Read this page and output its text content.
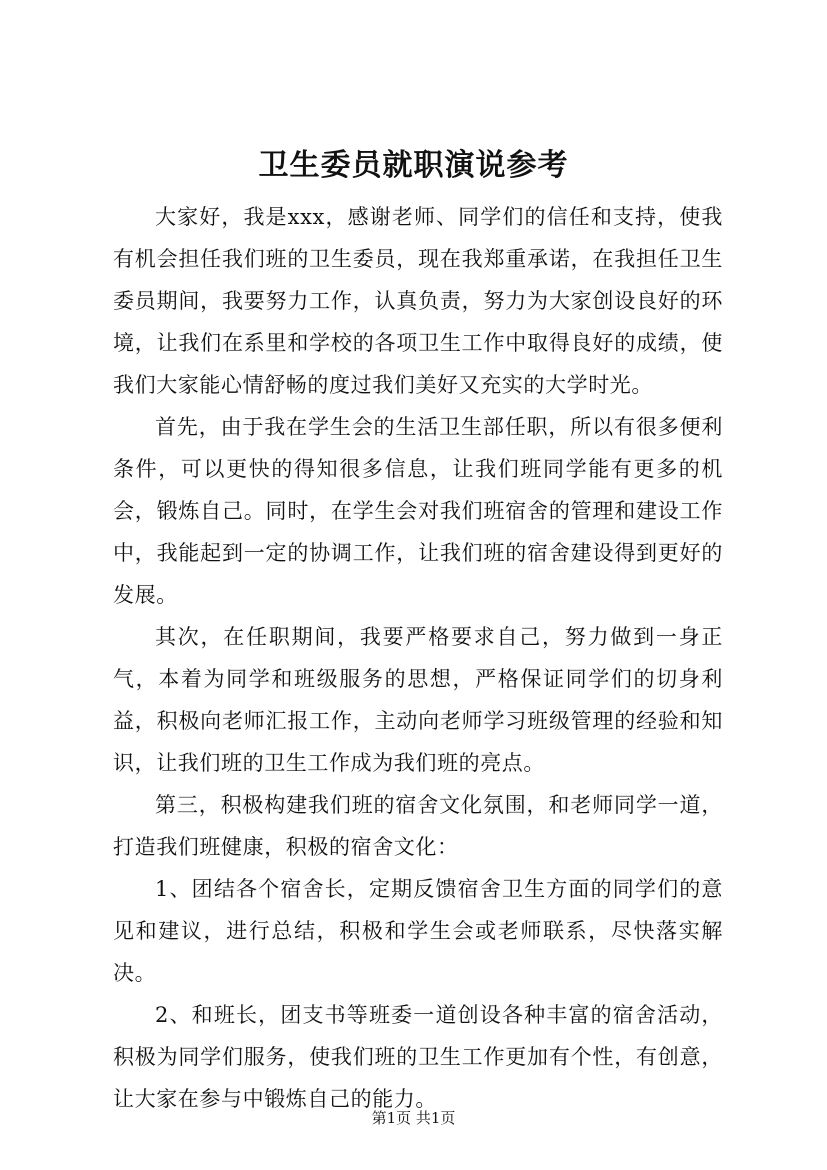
卫生委员就职演说参考

大家好，我是xxx，感谢老师、同学们的信任和支持，使我有机会担任我们班的卫生委员，现在我郑重承诺，在我担任卫生委员期间，我要努力工作，认真负责，努力为大家创设良好的环境，让我们在系里和学校的各项卫生工作中取得良好的成绩，使我们大家能心情舒畅的度过我们美好又充实的大学时光。

首先，由于我在学生会的生活卫生部任职，所以有很多便利条件，可以更快的得知很多信息，让我们班同学能有更多的机会，锻炼自己。同时，在学生会对我们班宿舍的管理和建设工作中，我能起到一定的协调工作，让我们班的宿舍建设得到更好的发展。

其次，在任职期间，我要严格要求自己，努力做到一身正气，本着为同学和班级服务的思想，严格保证同学们的切身利益，积极向老师汇报工作，主动向老师学习班级管理的经验和知识，让我们班的卫生工作成为我们班的亮点。

第三，积极构建我们班的宿舍文化氛围，和老师同学一道，打造我们班健康，积极的宿舍文化：

1、团结各个宿舍长，定期反馈宿舍卫生方面的同学们的意见和建议，进行总结，积极和学生会或老师联系，尽快落实解决。

2、和班长，团支书等班委一道创设各种丰富的宿舍活动，积极为同学们服务，使我们班的卫生工作更加有个性，有创意，让大家在参与中锻炼自己的能力。

第1页 共1页
